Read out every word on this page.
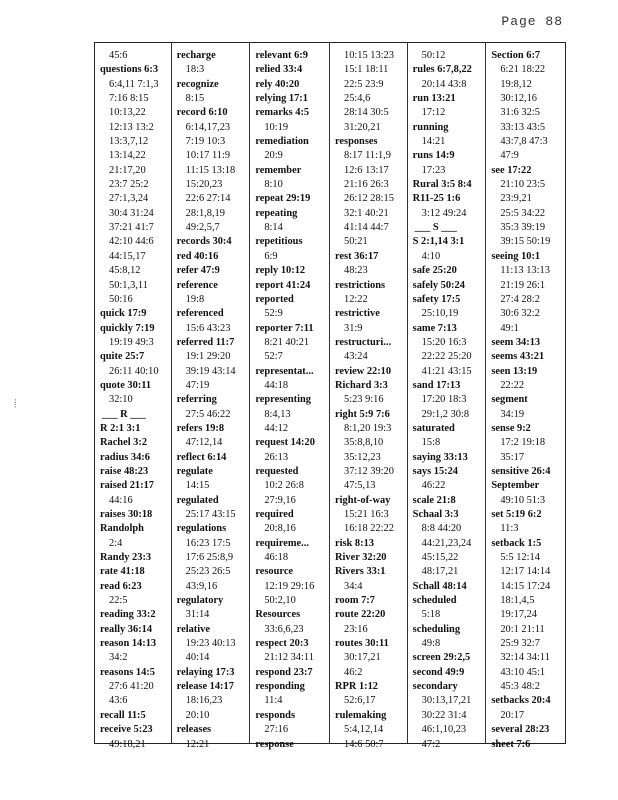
Page 88
⦙
45:6
questions 6:3
6:4,11 7:1,3
7:16 8:15
10:13,22
12:13 13:2
13:3,7,12
13:14,22
21:17,20
23:7 25:2
27:1,3,24
30:4 31:24
37:21 41:7
42:10 44:6
44:15,17
45:8,12
50:1,3,11
50:16
quick 17:9
quickly 7:19
19:19 49:3
quite 25:7
26:11 40:10
quote 30:11
32:10
___ R ___
R 2:1 3:1
Rachel 3:2
radius 34:6
raise 48:23
raised 21:17
44:16
raises 30:18
Randolph
2:4
Randy 23:3
rate 41:18
read 6:23
22:5
reading 33:2
really 36:14
reason 14:13
34:2
reasons 14:5
27:6 41:20
43:6
recall 11:5
receive 5:23
49:18,21
recharge
18:3
recognize
8:15
record 6:10
6:14,17,23
7:19 10:3
10:17 11:9
11:15 13:18
15:20,23
22:6 27:14
28:1,8,19
49:2,5,7
records 30:4
red 40:16
refer 47:9
reference
19:8
referenced
15:6 43:23
referred 11:7
19:1 29:20
39:19 43:14
47:19
referring
27:5 46:22
refers 19:8
47:12,14
reflect 6:14
regulate
14:15
regulated
25:17 43:15
regulations
16:23 17:5
17:6 25:8,9
25:23 26:5
43:9,16
regulatory
31:14
relative
19:23 40:13
40:14
relaying 17:3
release 14:17
18:16,23
20:10
releases
12:21
relevant 6:9
relied 33:4
rely 40:20
relying 17:1
remarks 4:5
10:19
remediation
20:9
remember
8:10
repeat 29:19
repeating
8:14
repetitious
6:9
reply 10:12
report 41:24
reported
52:9
reporter 7:11
8:21 40:21
52:7
representat...
44:18
representing
8:4,13
44:12
request 14:20
26:13
requested
10:2 26:8
27:9,16
required
20:8,16
requireme...
46:18
resource
12:19 29:16
50:2,10
Resources
33:6,6,23
respect 20:3
21:12 34:11
respond 23:7
responding
11:4
responds
27:16
response
10:15 13:23
15:1 18:11
22:5 23:9
25:4,6
28:14 30:5
31:20,21
responses
8:17 11:1,9
12:6 13:17
21:16 26:3
26:12 28:15
32:1 40:21
41:14 44:7
50:21
rest 36:17
48:23
restrictions
12:22
restrictive
31:9
restructuri...
43:24
review 22:10
Richard 3:3
5:23 9:16
right 5:9 7:6
8:1,20 19:3
35:8,8,10
35:12,23
37:12 39:20
47:5,13
right-of-way
15:21 16:3
16:18 22:22
risk 8:13
River 32:20
Rivers 33:1
34:4
room 7:7
route 22:20
23:16
routes 30:11
30:17,21
46:2
RPR 1:12
52:6,17
rulemaking
5:4,12,14
14:6 50:7
50:12
rules 6:7,8,22
20:14 43:8
run 13:21
17:12
running
14:21
runs 14:9
17:23
Rural 3:5 8:4
R11-25 1:6
3:12 49:24
___ S ___
S 2:1,14 3:1
4:10
safe 25:20
safely 50:24
safety 17:5
25:10,19
same 7:13
15:20 16:3
22:22 25:20
41:21 43:15
sand 17:13
17:20 18:3
29:1,2 30:8
saturated
15:8
saying 33:13
says 15:24
46:22
scale 21:8
Schaal 3:3
8:8 44:20
44:21,23,24
45:15,22
48:17,21
Schall 48:14
scheduled
5:18
scheduling
49:8
screen 29:2,5
second 49:9
secondary
30:13,17,21
30:22 31:4
46:1,10,23
47:2
Section 6:7
6:21 18:22
19:8,12
30:12,16
31:6 32:5
33:13 43:5
43:7,8 47:3
47:9
see 17:22
21:10 23:5
23:9,21
25:5 34:22
35:3 39:19
39:15 50:19
seeing 10:1
11:13 13:13
21:19 26:1
27:4 28:2
30:6 32:2
49:1
seem 34:13
seems 43:21
seen 13:19
22:22
segment
34:19
sense 9:2
17:2 19:18
35:17
sensitive 26:4
September
49:10 51:3
set 5:19 6:2
11:3
setback 1:5
5:5 12:14
12:17 14:14
14:15 17:24
18:1,4,5
19:17,24
20:1 21:11
25:9 32:7
32:14 34:11
43:10 45:1
45:3 48:2
setbacks 20:4
20:17
several 28:23
sheet 7:6
